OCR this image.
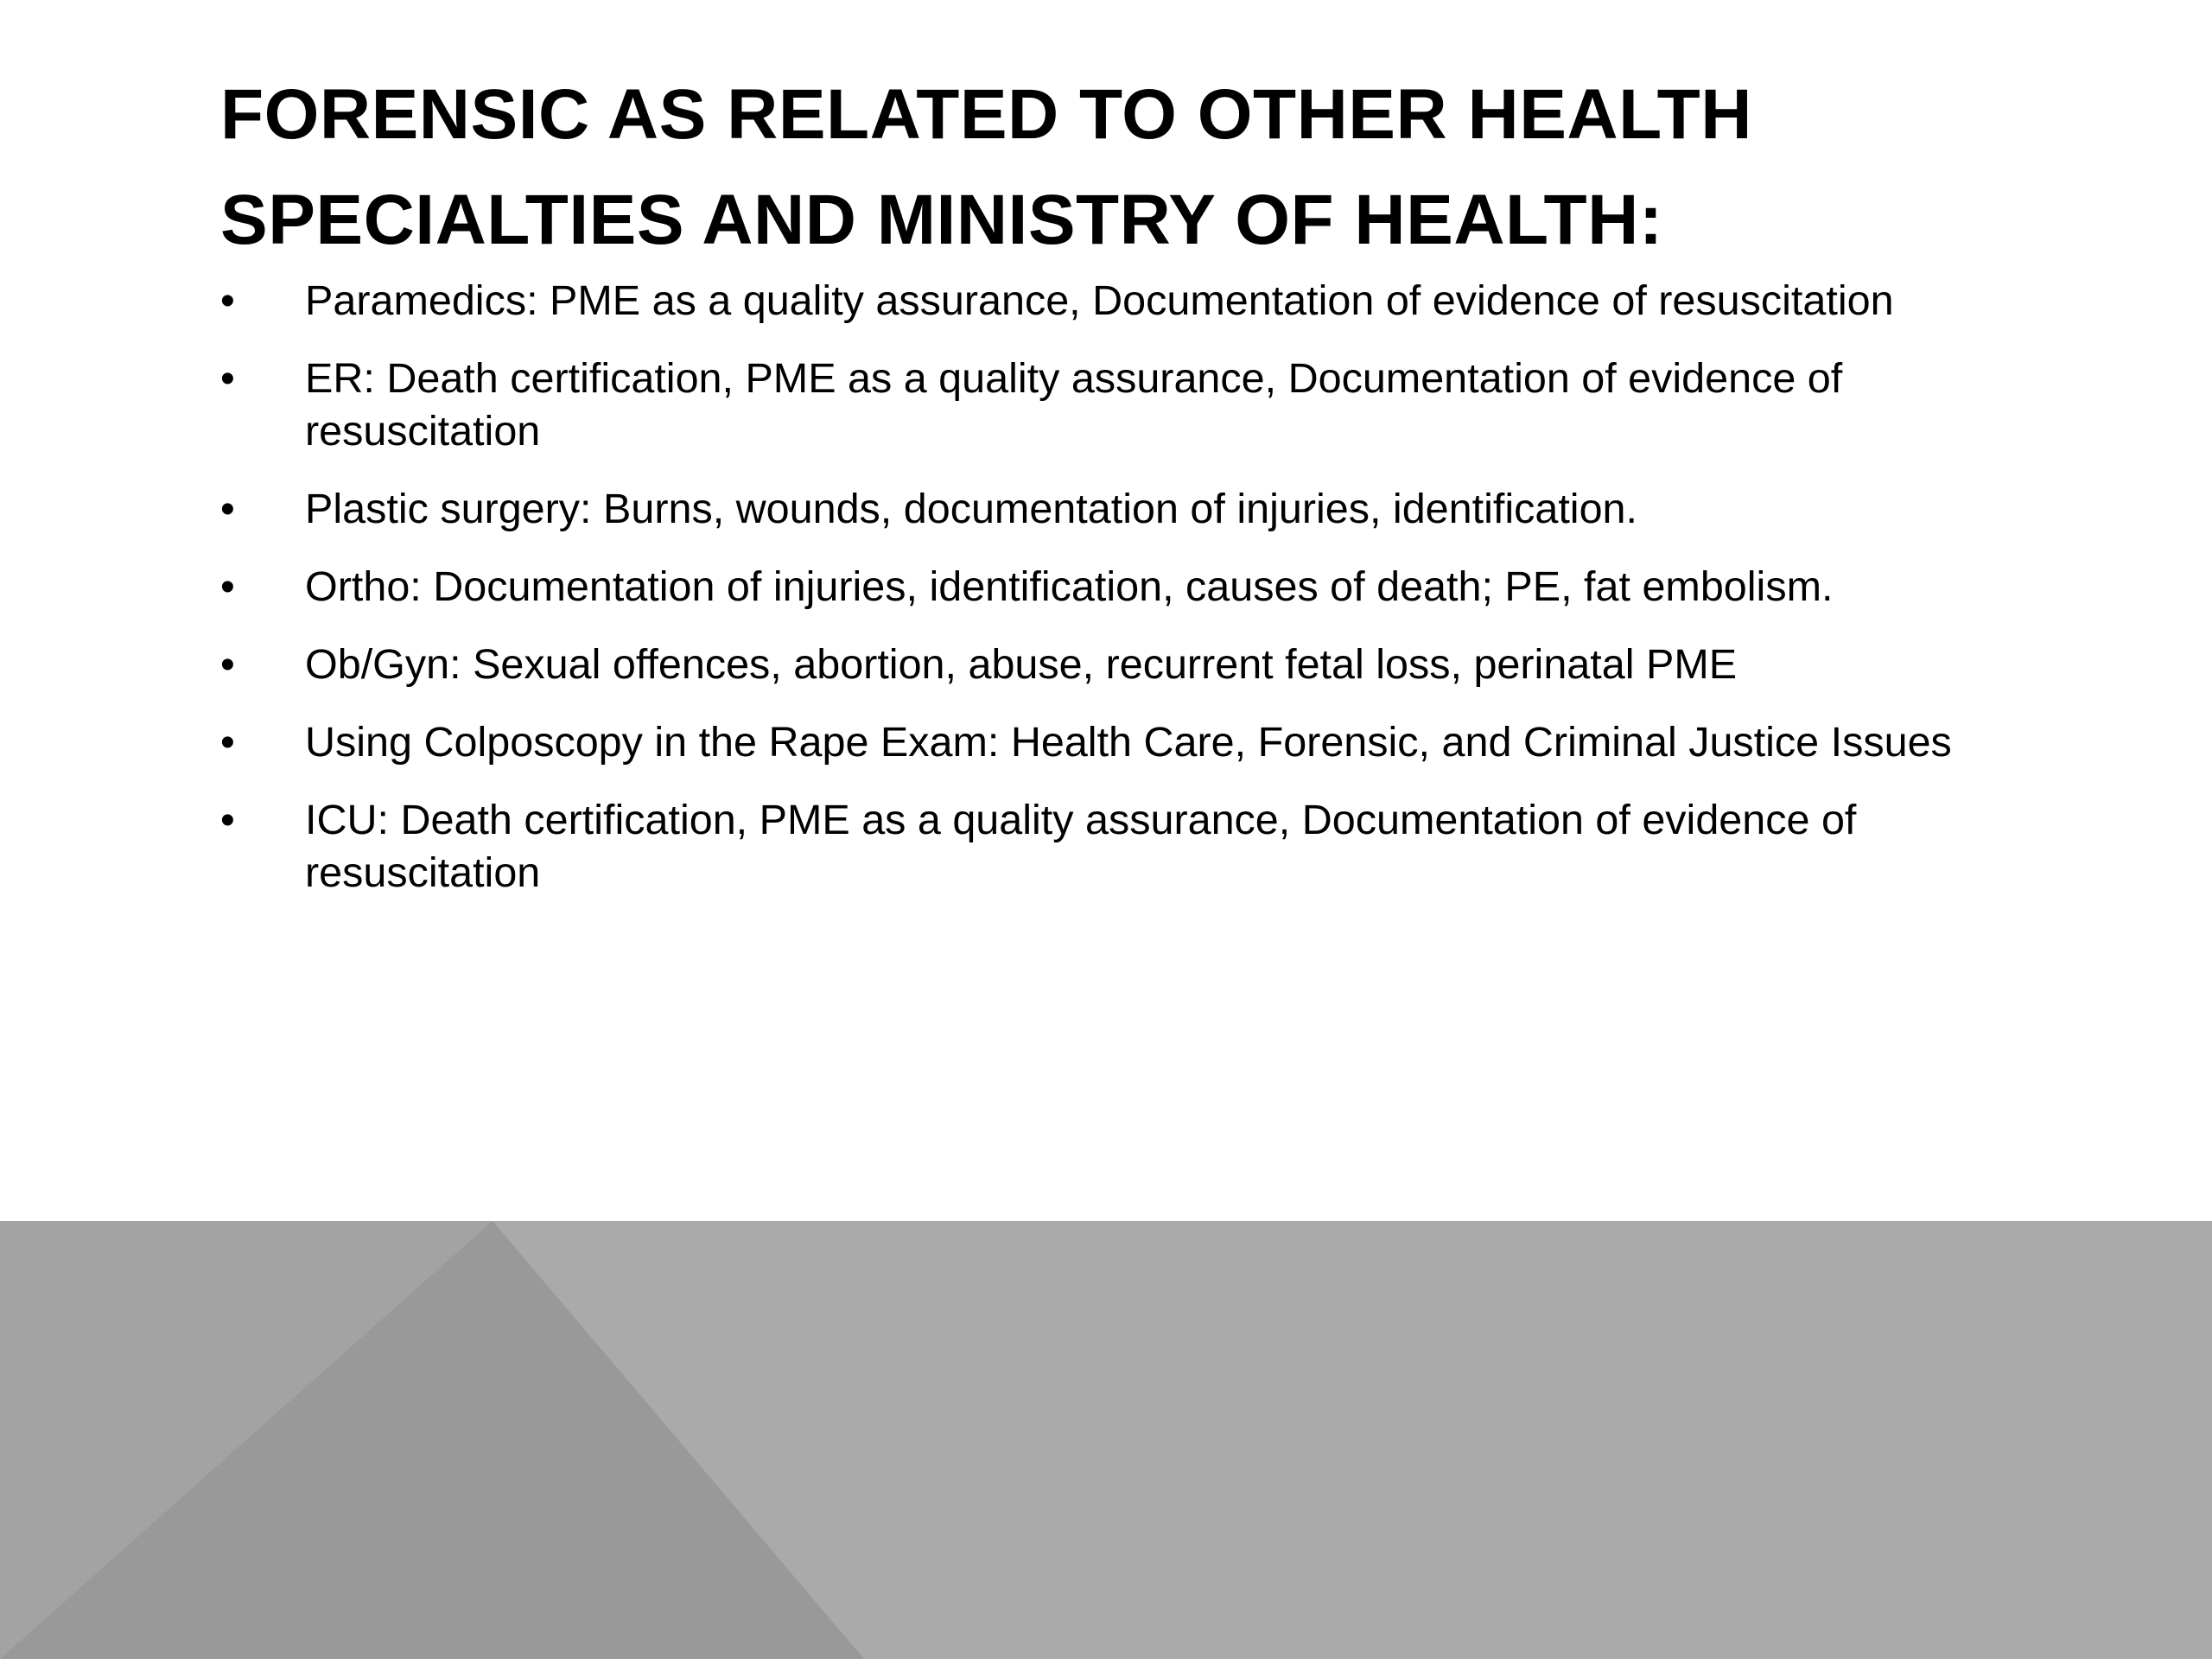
FORENSIC AS RELATED TO OTHER HEALTH SPECIALTIES AND MINISTRY OF HEALTH:
• Paramedics: PME as a quality assurance, Documentation of evidence of resuscitation
• ER: Death certification, PME as a quality assurance, Documentation of evidence of resuscitation
• Plastic surgery: Burns, wounds, documentation of injuries, identification.
• Ortho: Documentation of injuries, identification, causes of death; PE, fat embolism.
• Ob/Gyn: Sexual offences, abortion, abuse, recurrent fetal loss, perinatal PME
• Using Colposcopy in the Rape Exam: Health Care, Forensic, and Criminal Justice Issues
• ICU: Death certification, PME as a quality assurance, Documentation of evidence of resuscitation
